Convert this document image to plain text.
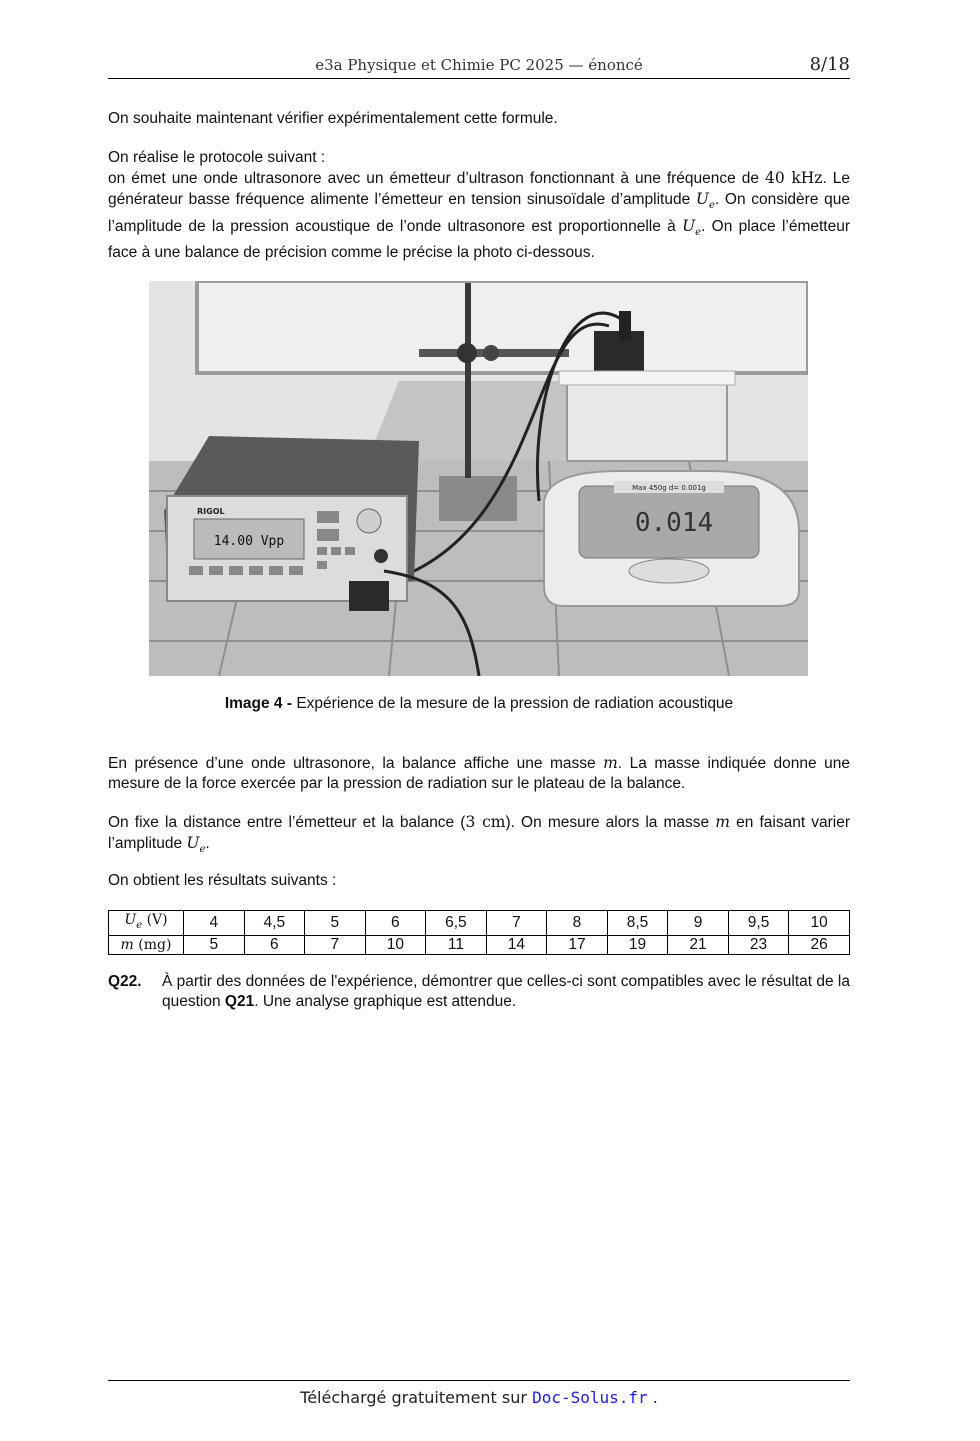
e3a Physique et Chimie PC 2025 — énoncé	8/18
On souhaite maintenant vérifier expérimentalement cette formule.
On réalise le protocole suivant :
on émet une onde ultrasonore avec un émetteur d’ultrason fonctionnant à une fréquence de 40 kHz. Le générateur basse fréquence alimente l’émetteur en tension sinusoïdale d’amplitude $U_e$. On considère que l’amplitude de la pression acoustique de l’onde ultrasonore est proportionnelle à $U_e$. On place l’émetteur face à une balance de précision comme le précise la photo ci-dessous.
Max 450g d= 0.001g
0.014
RIGOL
14.00 Vpp
Image 4 - Expérience de la mesure de la pression de radiation acoustique
En présence d’une onde ultrasonore, la balance affiche une masse m. La masse indiquée donne une mesure de la force exercée par la pression de radiation sur le plateau de la balance.
On fixe la distance entre l’émetteur et la balance (3 cm). On mesure alors la masse m en faisant varier l’amplitude $U_e$.
On obtient les résultats suivants :
$U_e$ (V)	4	4,5	5	6	6,5	7	8	8,5	9	9,5	10
m (mg)	5	6	7	10	11	14	17	19	21	23	26
Q22. À partir des données de l'expérience, démontrer que celles-ci sont compatibles avec le résultat de la question Q21. Une analyse graphique est attendue.
Téléchargé gratuitement sur Doc-Solus.fr .
